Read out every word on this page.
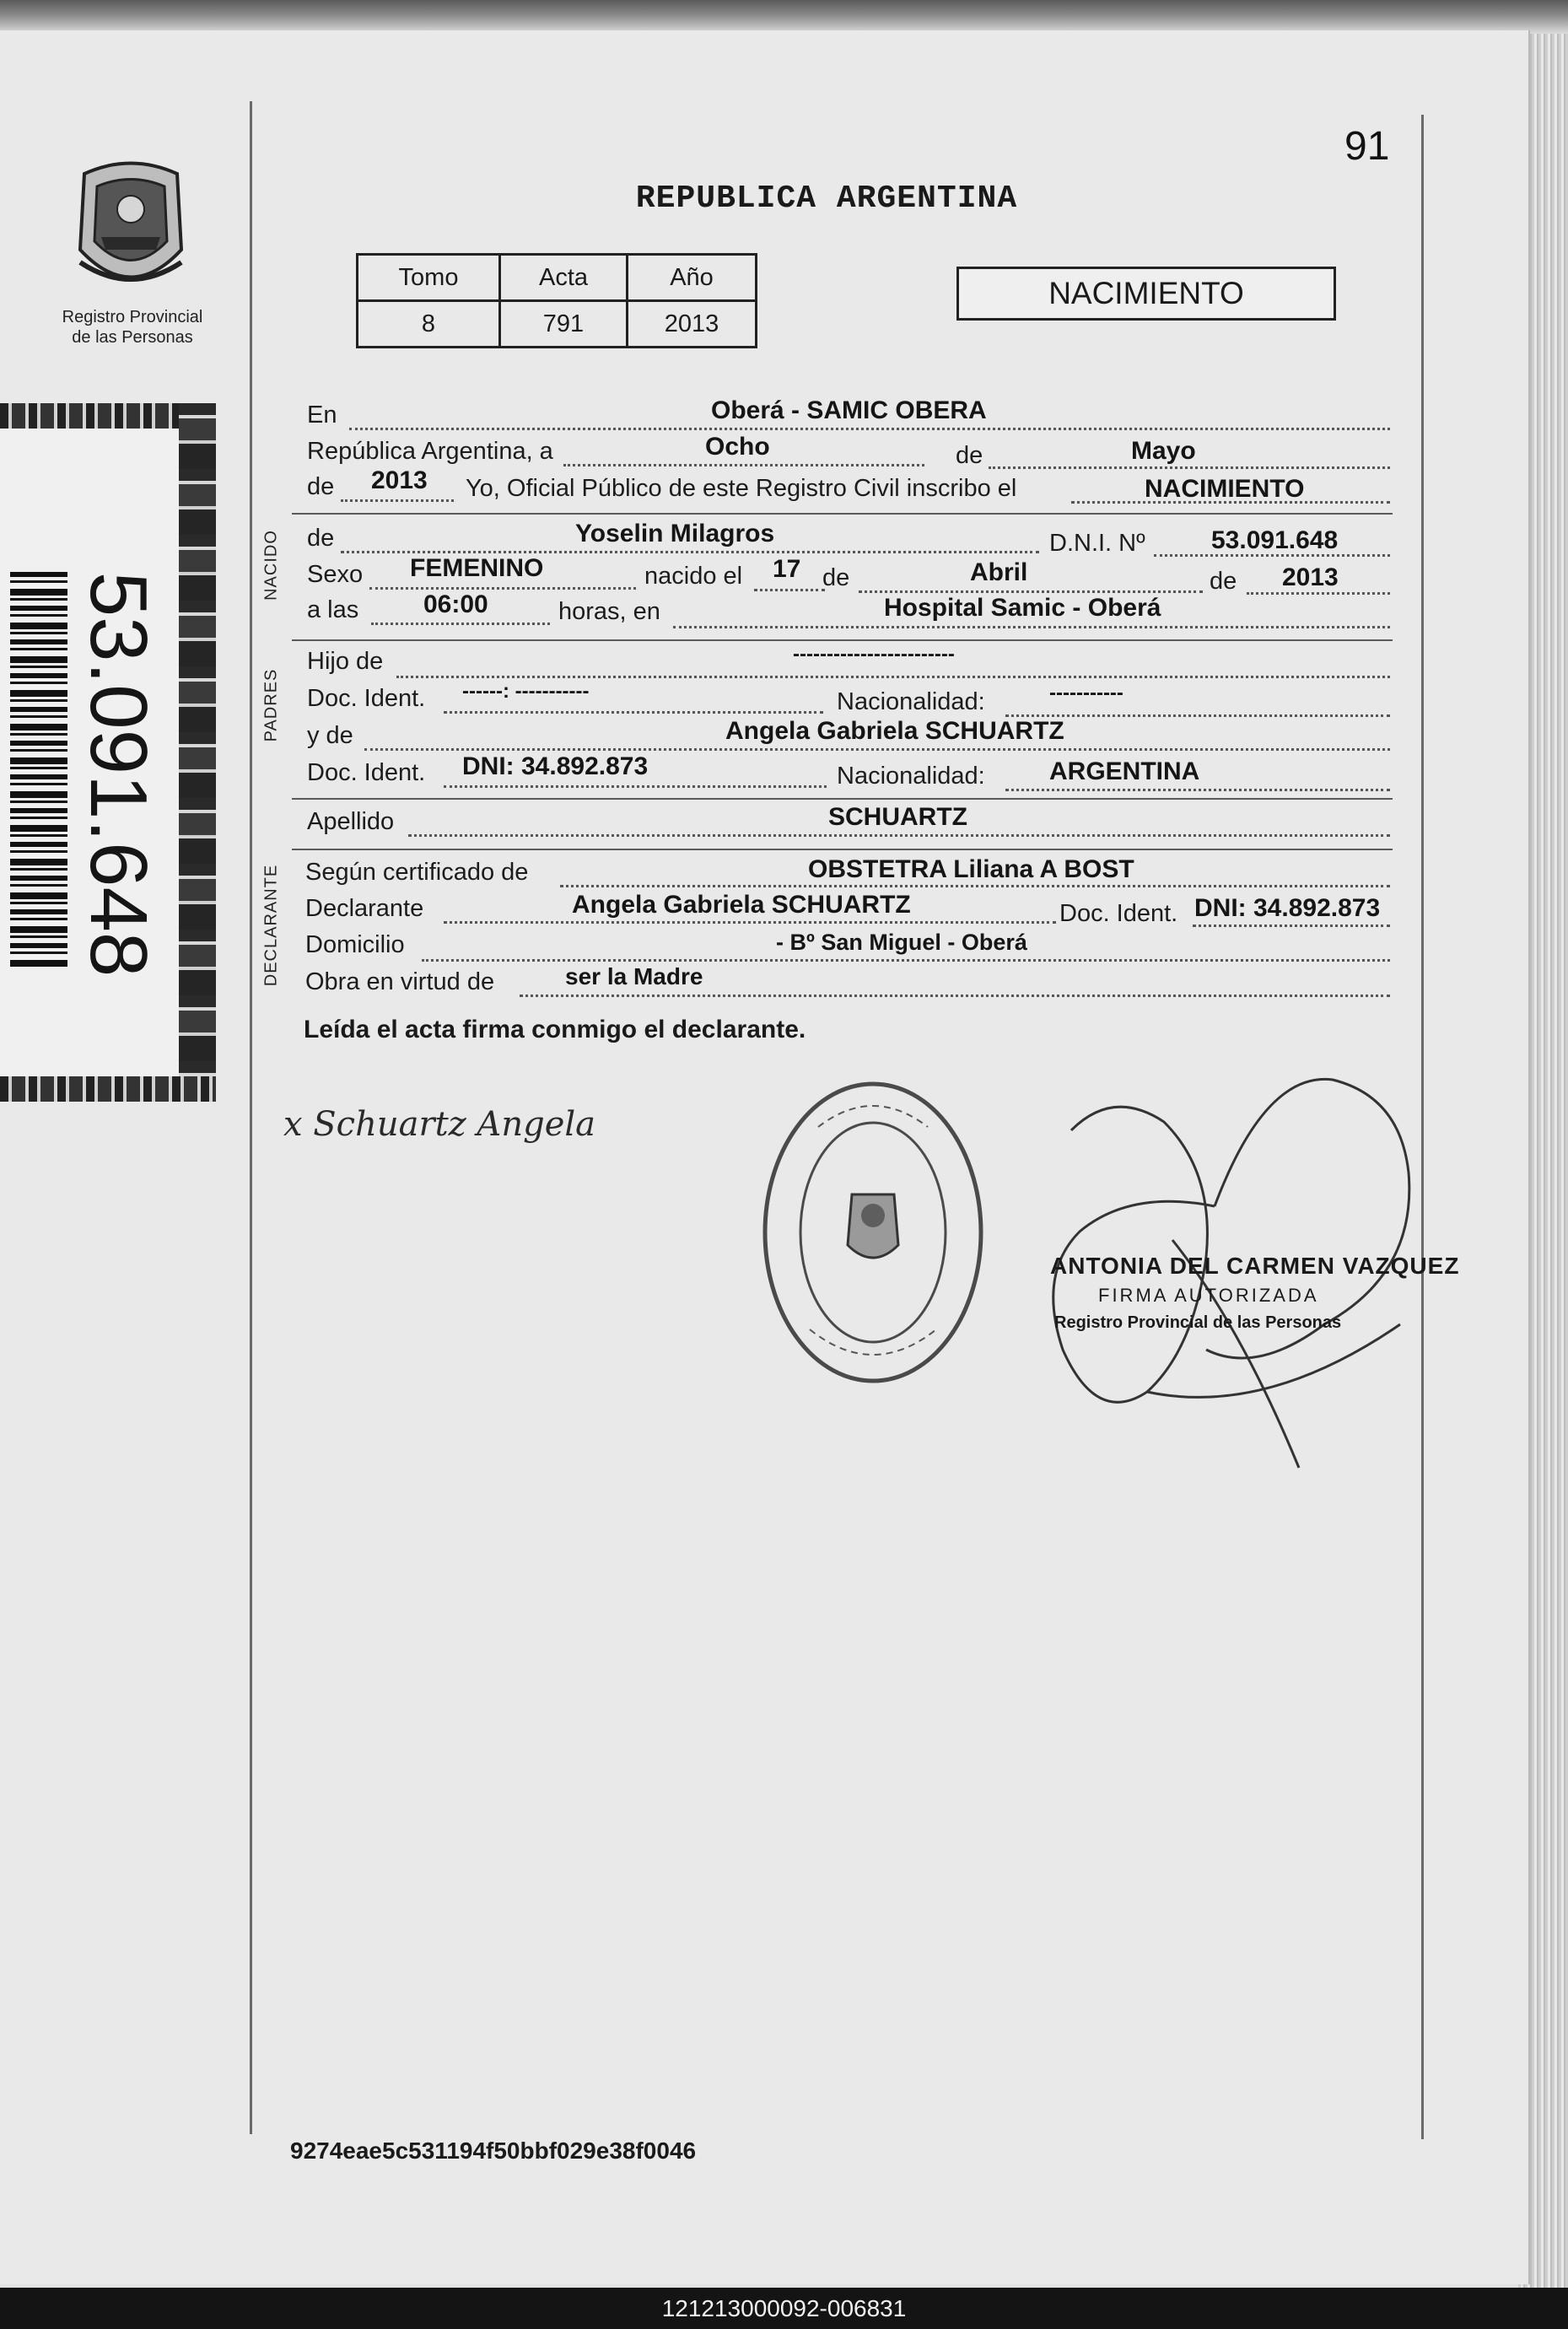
Registro Provincial
de las Personas
91
REPUBLICA ARGENTINA
Tomo	Acta	Año
8	791	2013
NACIMIENTO
53.091.648
NACIDO
PADRES
DECLARANTE
En	Oberá - SAMIC OBERA
República Argentina, a	Ocho	de	Mayo
de 2013 Yo, Oficial Público de este Registro Civil inscribo el	NACIMIENTO
de	Yoselin Milagros	D.N.I. Nº	53.091.648
Sexo FEMENINO	nacido el 17 de	Abril	de 2013
a las	06:00	horas, en	Hospital Samic - Oberá
Hijo de	------------------------
Doc. Ident. ------: -----------	Nacionalidad:	-----------
y de	Angela Gabriela SCHUARTZ
Doc. Ident. DNI: 34.892.873	Nacionalidad:	ARGENTINA
Apellido	SCHUARTZ
Según certificado de	OBSTETRA Liliana A BOST
Declarante	Angela Gabriela SCHUARTZ	Doc. Ident. DNI: 34.892.873
Domicilio	- Bº San Miguel - Oberá
Obra en virtud de	ser la Madre
Leída el acta firma conmigo el declarante.
x Schuartz Angela
ANTONIA DEL CARMEN VAZQUEZ
FIRMA AUTORIZADA
Registro Provincial de las Personas
9274eae5c531194f50bbf029e38f0046
121213000092-006831
